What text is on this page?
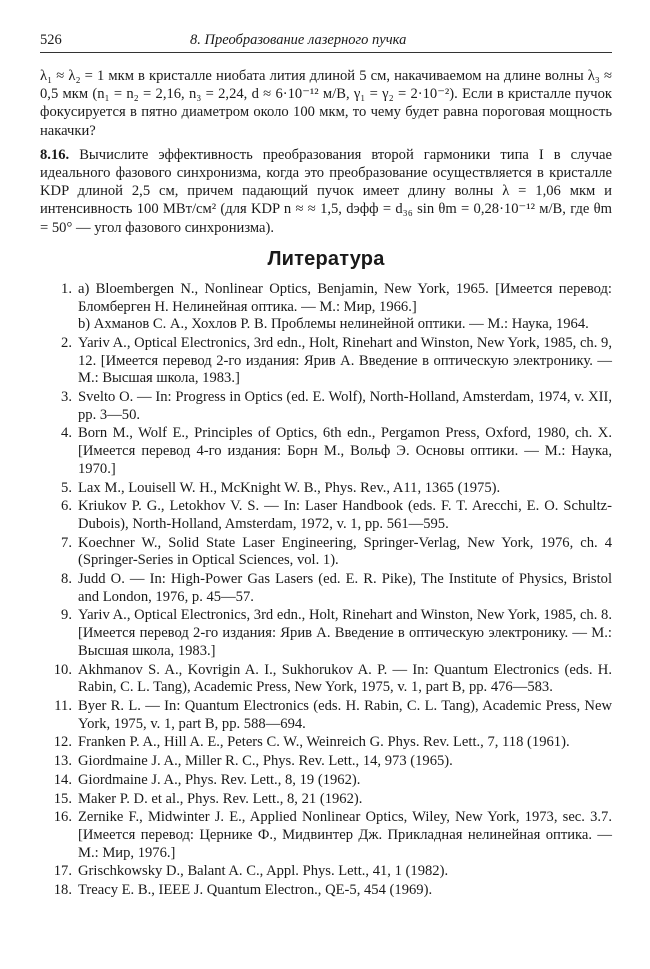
526	8. Преобразование лазерного пучка

λ₁ ≈ λ₂ = 1 мкм в кристалле ниобата лития длиной 5 см, накачиваемом на длине волны λ₃ ≈ 0,5 мкм (n₁ = n₂ = 2,16, n₃ = 2,24, d ≈ 6·10⁻¹² м/В, γ₁ = γ₂ = 2·10⁻²). Если в кристалле пучок фокусируется в пятно диаметром около 100 мкм, то чему будет равна пороговая мощность накачки?

8.16. Вычислите эффективность преобразования второй гармоники типа I в случае идеального фазового синхронизма, когда это преобразование осуществляется в кристалле KDP длиной 2,5 см, причем падающий пучок имеет длину волны λ = 1,06 мкм и интенсивность 100 МВт/см² (для KDP n ≈ ≈ 1,5, dэфф = d₃₆ sin θm = 0,28·10⁻¹² м/В, где θm = 50° — угол фазового синхронизма).

Литература
1. a) Bloembergen N., Nonlinear Optics, Benjamin, New York, 1965. [Имеется перевод: Бломберген Н. Нелинейная оптика. — М.: Мир, 1966.]
b) Ахманов С. А., Хохлов Р. В. Проблемы нелинейной оптики. — М.: Наука, 1964.
2. Yariv A., Optical Electronics, 3rd edn., Holt, Rinehart and Winston, New York, 1985, ch. 9, 12. [Имеется перевод 2-го издания: Ярив А. Введение в оптическую электронику. — М.: Высшая школа, 1983.]
3. Svelto O. — In: Progress in Optics (ed. E. Wolf), North-Holland, Amsterdam, 1974, v. XII, pp. 3—50.
4. Born M., Wolf E., Principles of Optics, 6th edn., Pergamon Press, Oxford, 1980, ch. X. [Имеется перевод 4-го издания: Борн М., Вольф Э. Основы оптики. — М.: Наука, 1970.]
5. Lax M., Louisell W. H., McKnight W. B., Phys. Rev., A11, 1365 (1975).
6. Kriukov P. G., Letokhov V. S. — In: Laser Handbook (eds. F. T. Arecchi, E. O. Schultz-Dubois), North-Holland, Amsterdam, 1972, v. 1, pp. 561—595.
7. Koechner W., Solid State Laser Engineering, Springer-Verlag, New York, 1976, ch. 4 (Springer-Series in Optical Sciences, vol. 1).
8. Judd O. — In: High-Power Gas Lasers (ed. E. R. Pike), The Institute of Physics, Bristol and London, 1976, p. 45—57.
9. Yariv A., Optical Electronics, 3rd edn., Holt, Rinehart and Winston, New York, 1985, ch. 8. [Имеется перевод 2-го издания: Ярив А. Введение в оптическую электронику. — М.: Высшая школа, 1983.]
10. Akhmanov S. A., Kovrigin A. I., Sukhorukov A. P. — In: Quantum Electronics (eds. H. Rabin, C. L. Tang), Academic Press, New York, 1975, v. 1, part B, pp. 476—583.
11. Byer R. L. — In: Quantum Electronics (eds. H. Rabin, C. L. Tang), Academic Press, New York, 1975, v. 1, part B, pp. 588—694.
12. Franken P. A., Hill A. E., Peters C. W., Weinreich G. Phys. Rev. Lett., 7, 118 (1961).
13. Giordmaine J. A., Miller R. C., Phys. Rev. Lett., 14, 973 (1965).
14. Giordmaine J. A., Phys. Rev. Lett., 8, 19 (1962).
15. Maker P. D. et al., Phys. Rev. Lett., 8, 21 (1962).
16. Zernike F., Midwinter J. E., Applied Nonlinear Optics, Wiley, New York, 1973, sec. 3.7. [Имеется перевод: Цернике Ф., Мидвинтер Дж. Прикладная нелинейная оптика. — М.: Мир, 1976.]
17. Grischkowsky D., Balant A. C., Appl. Phys. Lett., 41, 1 (1982).
18. Treacy E. B., IEEE J. Quantum Electron., QE-5, 454 (1969).
